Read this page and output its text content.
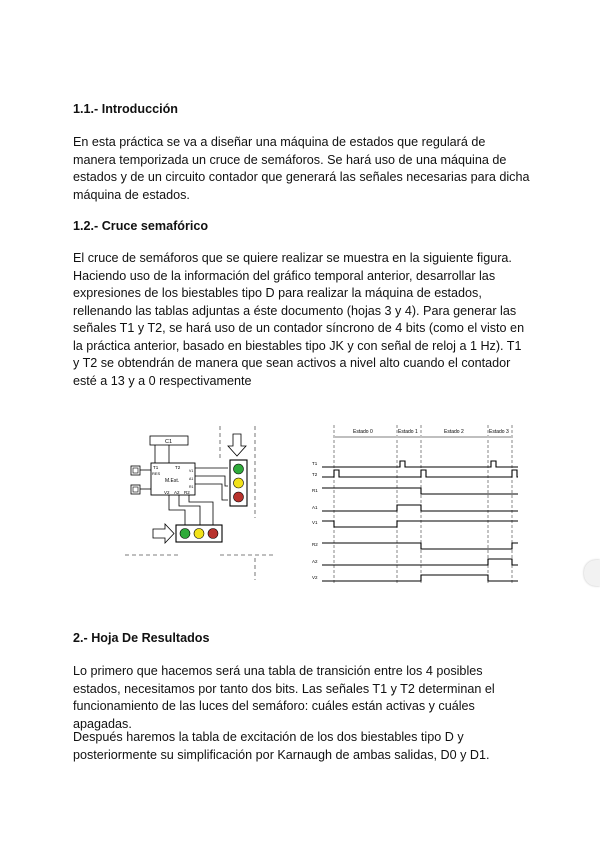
1.1.- Introducción

En esta práctica se va a diseñar una máquina de estados que regulará de manera temporizada un cruce de semáforos. Se hará uso de una máquina de estados y de un circuito contador que generará las señales necesarias para dicha máquina de estados.

1.2.- Cruce semafórico

El cruce de semáforos que se quiere realizar se muestra en la siguiente figura. Haciendo uso de la información del gráfico temporal anterior, desarrollar las expresiones de los biestables tipo D para realizar la máquina de estados, rellenando las tablas adjuntas a éste documento (hojas 3 y 4). Para generar las señales T1 y T2, se hará uso de un contador síncrono de 4 bits (como el visto en la práctica anterior, basado en biestables tipo JK y con señal de reloj a 1 Hz). T1 y T2 se obtendrán de manera que sean activos a nivel alto cuando el contador esté a 13 y a 0 respectivamente

C1
T1	T2
RES
M.Est.
V2 A2 R2
V1
A1
R1
Estado 0	Estado 1	Estado 2	Estado 3
T1
T2
R1
A1
V1
R2
A2
V2
2.- Hoja De Resultados

Lo primero que hacemos será una tabla de transición entre los 4 posibles estados, necesitamos por tanto dos bits. Las señales T1 y T2 determinan el funcionamiento de las luces del semáforo: cuáles están activas y cuáles apagadas.

Después haremos la tabla de excitación de los dos biestables tipo D y posteriormente su simplificación por Karnaugh de ambas salidas, D0 y D1.
